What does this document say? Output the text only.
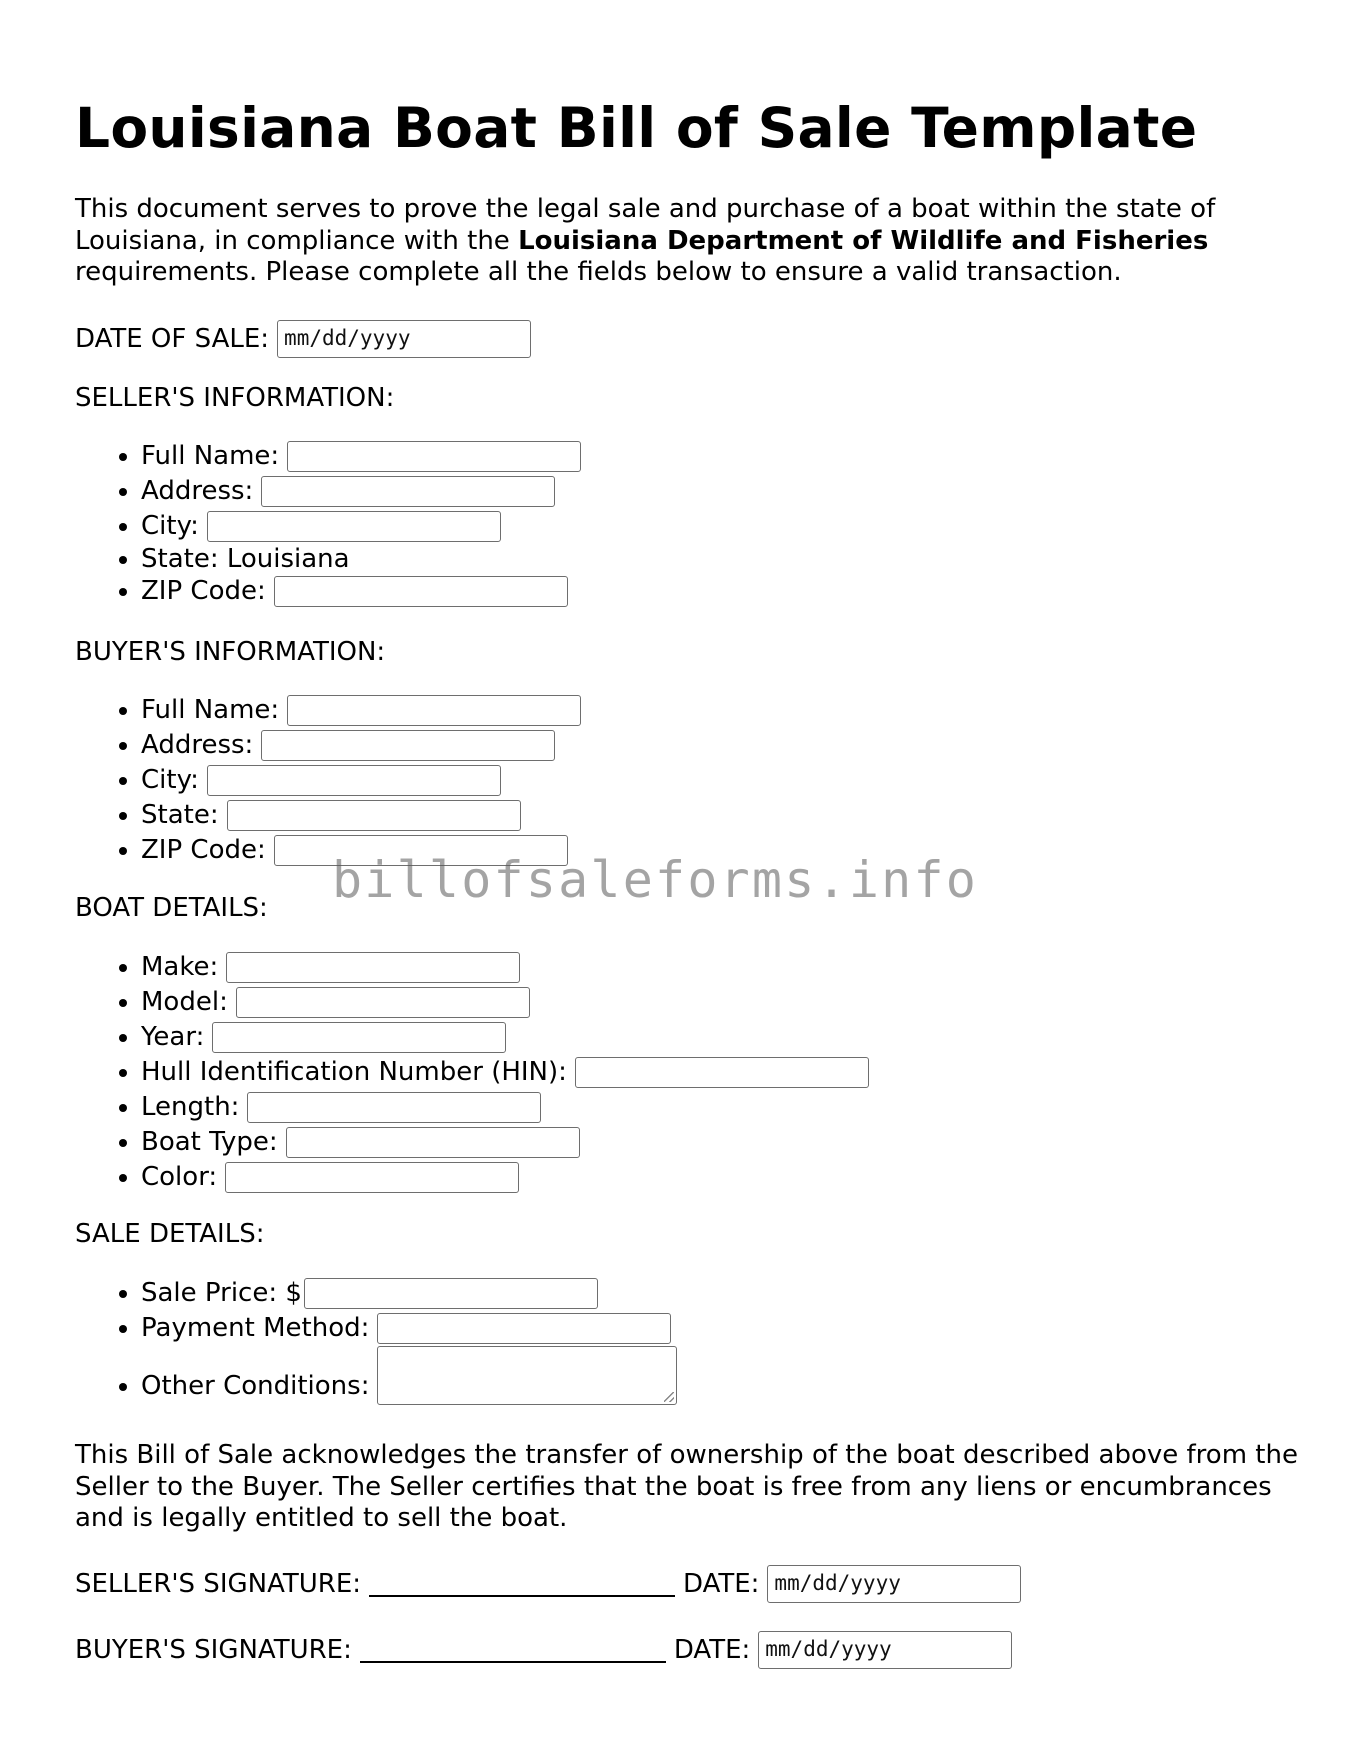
Louisiana Boat Bill of Sale Template

This document serves to prove the legal sale and purchase of a boat within the state of Louisiana, in compliance with the Louisiana Department of Wildlife and Fisheries requirements. Please complete all the fields below to ensure a valid transaction.

DATE OF SALE: mm/dd/yyyy
SELLER'S INFORMATION:
• Full Name:
• Address:
• City:
• State: Louisiana
• ZIP Code:
BUYER'S INFORMATION:
• Full Name:
• Address:
• City:
• State:
• ZIP Code:
BOAT DETAILS:
• Make:
• Model:
• Year:
• Hull Identification Number (HIN):
• Length:
• Boat Type:
• Color:
SALE DETAILS:
• Sale Price: $
• Payment Method:
• Other Conditions:

This Bill of Sale acknowledges the transfer of ownership of the boat described above from the Seller to the Buyer. The Seller certifies that the boat is free from any liens or encumbrances and is legally entitled to sell the boat.

SELLER'S SIGNATURE:	DATE: mm/dd/yyyy
BUYER'S SIGNATURE:	DATE: mm/dd/yyyy
billofsaleforms.info
